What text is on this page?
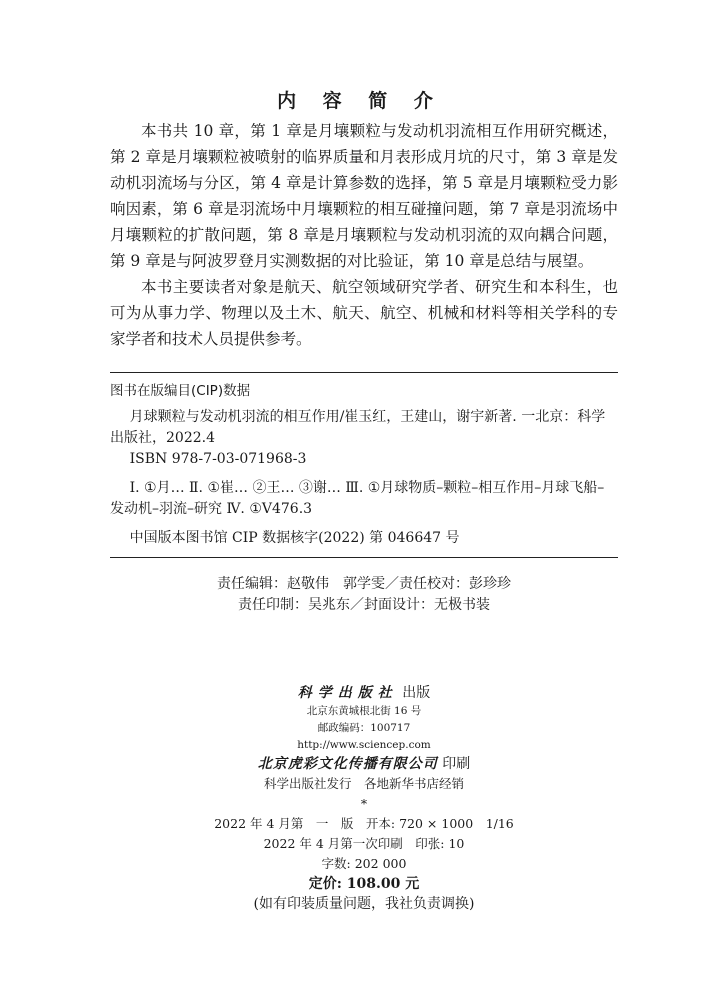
内 容 简 介

本书共 10 章，第 1 章是月壤颗粒与发动机羽流相互作用研究概述，第 2 章是月壤颗粒被喷射的临界质量和月表形成月坑的尺寸，第 3 章是发动机羽流场与分区，第 4 章是计算参数的选择，第 5 章是月壤颗粒受力影响因素，第 6 章是羽流场中月壤颗粒的相互碰撞问题，第 7 章是羽流场中月壤颗粒的扩散问题，第 8 章是月壤颗粒与发动机羽流的双向耦合问题，第 9 章是与阿波罗登月实测数据的对比验证，第 10 章是总结与展望。

本书主要读者对象是航天、航空领域研究学者、研究生和本科生，也可为从事力学、物理以及土木、航天、航空、机械和材料等相关学科的专家学者和技术人员提供参考。

图书在版编目(CIP)数据
月球颗粒与发动机羽流的相互作用/崔玉红，王建山，谢宇新著. 一北京：科学出版社，2022.4
ISBN 978-7-03-071968-3
Ⅰ. ①月… Ⅱ. ①崔… ②王… ③谢… Ⅲ. ①月球物质–颗粒–相互作用–月球飞船–发动机–羽流–研究 Ⅳ. ①V476.3
中国版本图书馆 CIP 数据核字(2022) 第 046647 号
责任编辑：赵敬伟　郭学雯／责任校对：彭珍珍
责任印制：吴兆东／封面设计：无极书装
科学出版社 出版
北京东黄城根北街 16 号
邮政编码：100717
http://www.sciencep.com
北京虎彩文化传播有限公司 印刷
科学出版社发行　各地新华书店经销
*
2022 年 4 月第　一　版　开本: 720 × 1000　1/16
2022 年 4 月第一次印刷　印张: 10
字数: 202 000
定价: 108.00 元
(如有印装质量问题，我社负责调换)
